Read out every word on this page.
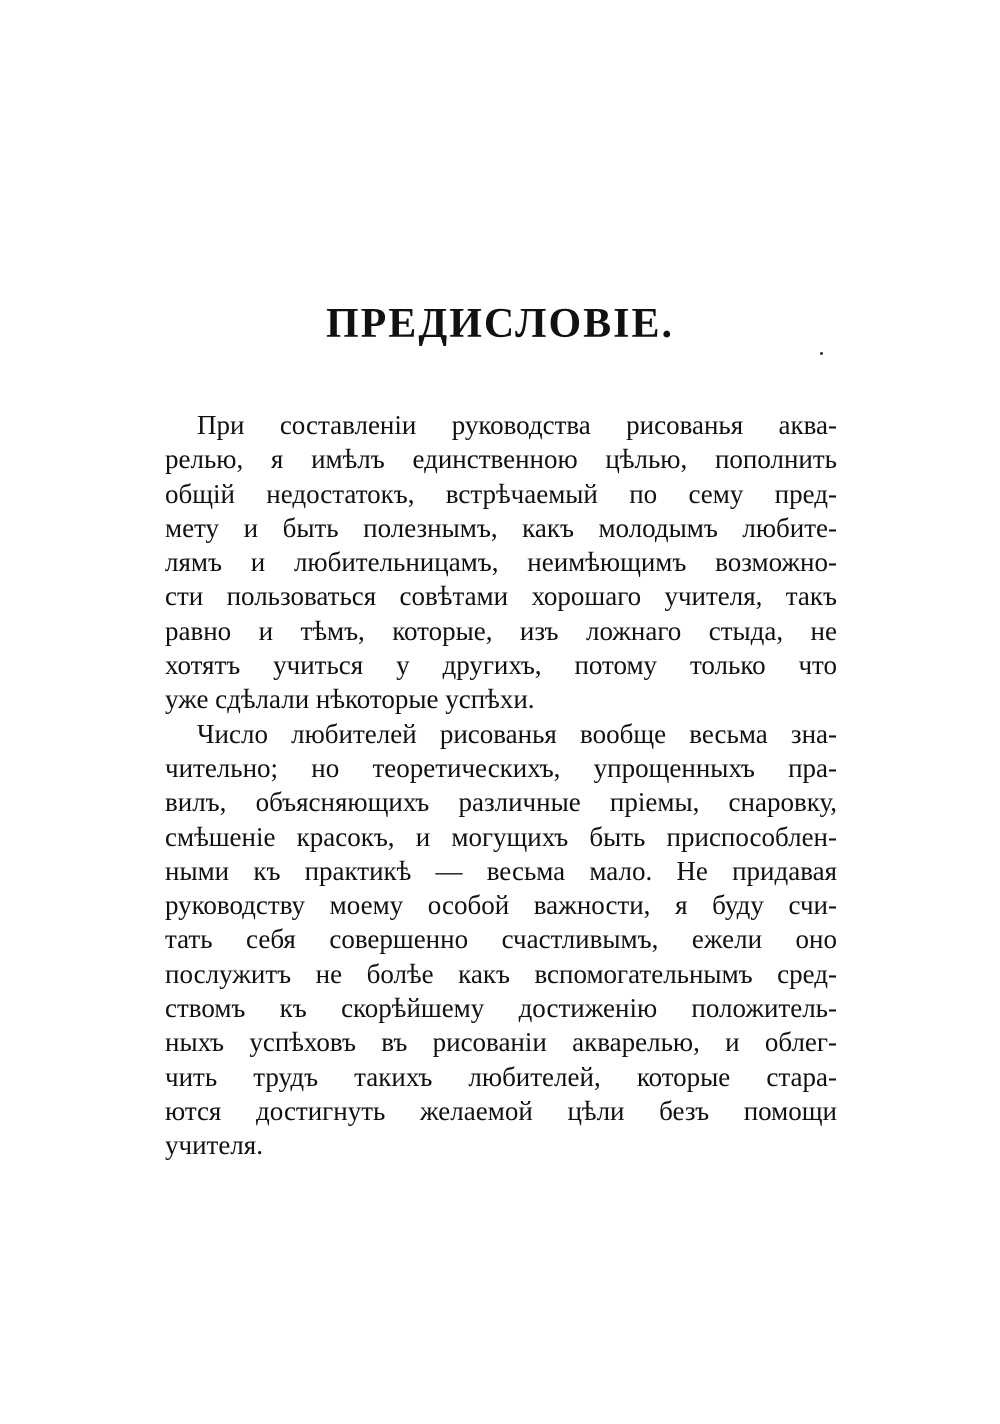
ПРЕДИСЛОВІЕ.

При составленіи руководства рисованья аква-
релью, я имѣлъ единственною цѣлью, пополнить
общій недостатокъ, встрѣчаемый по сему пред-
мету и быть полезнымъ, какъ молодымъ любите-
лямъ и любительницамъ, неимѣющимъ возможно-
сти пользоваться совѣтами хорошаго учителя, такъ
равно и тѣмъ, которые, изъ ложнаго стыда, не
хотятъ учиться у другихъ, потому только что
уже сдѣлали нѣкоторые успѣхи.

Число любителей рисованья вообще весьма зна-
чительно; но теоретическихъ, упрощенныхъ пра-
вилъ, объясняющихъ различные пріемы, снаровку,
смѣшеніе красокъ, и могущихъ быть приспособлен-
ными къ практикѣ — весьма мало. Не придавая
руководству моему особой важности, я буду счи-
тать себя совершенно счастливымъ, ежели оно
послужитъ не болѣе какъ вспомогательнымъ сред-
ствомъ къ скорѣйшему достиженію положитель-
ныхъ успѣховъ въ рисованіи акварелью, и облег-
чить трудъ такихъ любителей, которые стара-
ются достигнуть желаемой цѣли безъ помощи
учителя.
